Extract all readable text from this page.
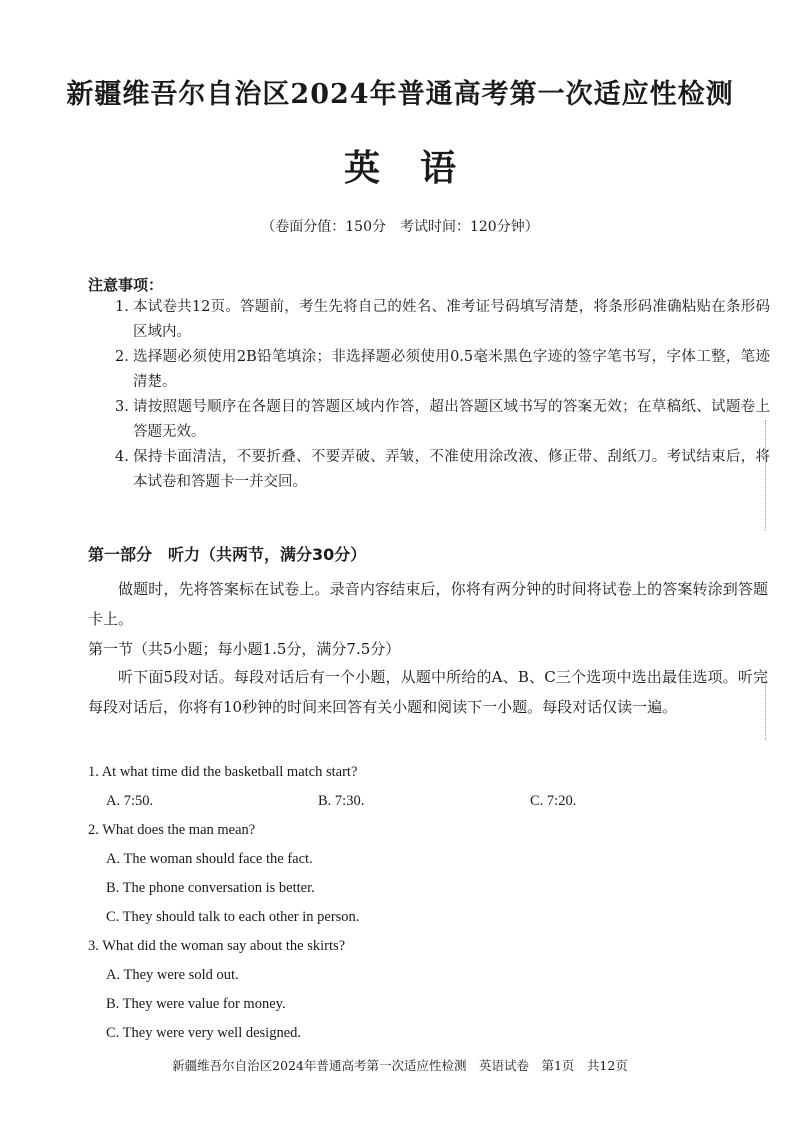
新疆维吾尔自治区2024年普通高考第一次适应性检测
英语
（卷面分值：150分　考试时间：120分钟）
注意事项：
1. 本试卷共12页。答题前，考生先将自己的姓名、准考证号码填写清楚，将条形码准确粘贴在条形码区域内。
2. 选择题必须使用2B铅笔填涂；非选择题必须使用0.5毫米黑色字迹的签字笔书写，字体工整，笔迹清楚。
3. 请按照题号顺序在各题目的答题区域内作答，超出答题区域书写的答案无效；在草稿纸、试题卷上答题无效。
4. 保持卡面清洁，不要折叠、不要弄破、弄皱，不准使用涂改液、修正带、刮纸刀。考试结束后，将本试卷和答题卡一并交回。
第一部分　听力（共两节，满分30分）
做题时，先将答案标在试卷上。录音内容结束后，你将有两分钟的时间将试卷上的答案转涂到答题卡上。
第一节（共5小题；每小题1.5分，满分7.5分）
听下面5段对话。每段对话后有一个小题，从题中所给的A、B、C三个选项中选出最佳选项。听完每段对话后，你将有10秒钟的时间来回答有关小题和阅读下一小题。每段对话仅读一遍。
1. At what time did the basketball match start?
A. 7:50.	B. 7:30.	C. 7:20.
2. What does the man mean?
A. The woman should face the fact.
B. The phone conversation is better.
C. They should talk to each other in person.
3. What did the woman say about the skirts?
A. They were sold out.
B. They were value for money.
C. They were very well designed.
新疆维吾尔自治区2024年普通高考第一次适应性检测　英语试卷　第1页　共12页
